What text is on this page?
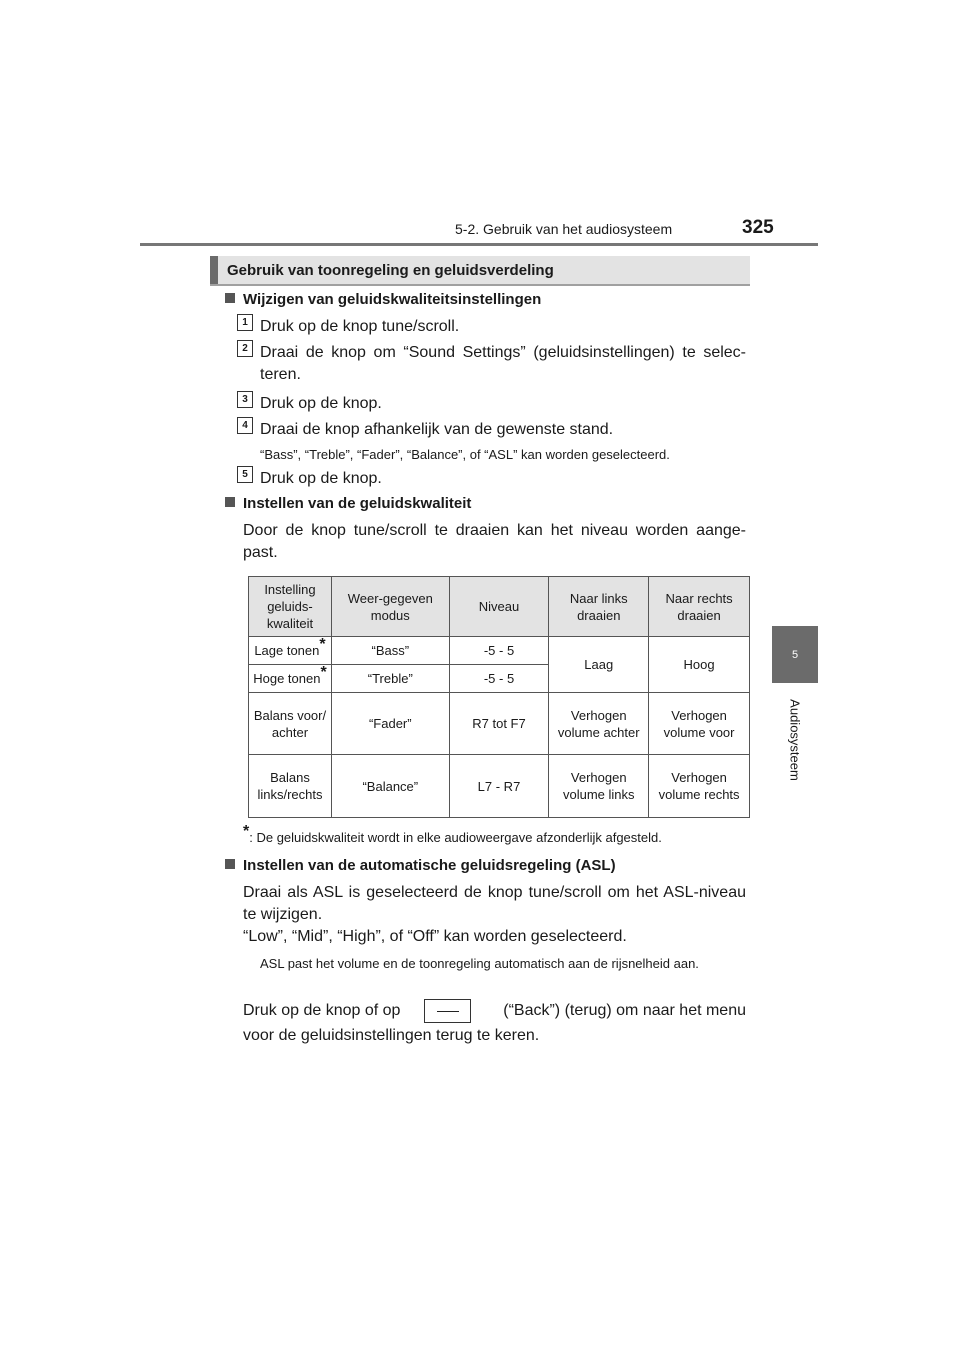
5-2. Gebruik van het audiosysteem	325
5
Audiosysteem
Gebruik van toonregeling en geluidsverdeling
Wijzigen van geluidskwaliteitsinstellingen
1 Druk op de knop tune/scroll.
2 Draai de knop om “Sound Settings” (geluidsinstellingen) te selec-teren.
3 Druk op de knop.
4 Draai de knop afhankelijk van de gewenste stand.
“Bass”, “Treble”, “Fader”, “Balance”, of “ASL” kan worden geselecteerd.
5 Druk op de knop.
Instellen van de geluidskwaliteit
Door de knop tune/scroll te draaien kan het niveau worden aange-past.
Instelling geluids-kwaliteit	Weer-gegeven modus	Niveau	Naar links draaien	Naar rechts draaien
Lage tonen*	“Bass”	-5 - 5	Laag	Hoog
Hoge tonen*	“Treble”	-5 - 5		
Balans voor/ achter	“Fader”	R7 tot F7	Verhogen volume achter	Verhogen volume voor
Balans links/rechts	“Balance”	L7 - R7	Verhogen volume links	Verhogen volume rechts
*: De geluidskwaliteit wordt in elke audioweergave afzonderlijk afgesteld.
Instellen van de automatische geluidsregeling (ASL)
Draai als ASL is geselecteerd de knop tune/scroll om het ASL-niveau te wijzigen.
“Low”, “Mid”, “High”, of “Off” kan worden geselecteerd.
ASL past het volume en de toonregeling automatisch aan de rijsnelheid aan.
Druk op de knop of op	(“Back”) (terug) om naar het menu
voor de geluidsinstellingen terug te keren.
